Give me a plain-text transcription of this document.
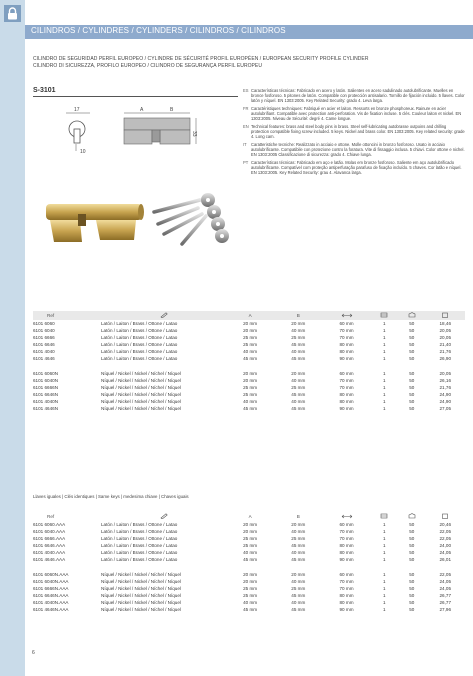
CILINDROS / CYLINDRES / CYLINDERS / CILINDROS / CILINDROS
CILINDRO DE SEGURIDAD PERFIL EUROPEO / CYLINDRE DE SÉCURITÉ PROFIL EUROPÉEN / EUROPEAN SECURITY PROFILE CYLINDER
CILINDRO DI SICUREZZA, PROFILO EUROPEO / CILINDRO DE SEGURANÇA PERFIL EUROPEU
S-3101
17
10
A	B
33

ES Características técnicas: Fabricado en acero y latón. Salientes en acero sadulinado autolubrificante. Muelles en bronce fosforoso. 5 pitones de latón. Compatible con protección antisalario. Tornillo de fijación incluido. 5 llaves. Color latón y níquel. EN 1303:2005. Key Related Security: grado 4. Leva larga.

FR Caractéristiques techniques: Fabriqué en acier et laiton. Ressorts en bronze phosphoreux. Rainure en acier autolubrifiant. Compatible avec protection anti-perforation. Vis de fixation incluse. 5 clés. Couleur laiton et nickel. EN 1303:2005. Niveau de Sécurité: degré 4. Came longue.

EN Technical features: brass and steel body pins in brass. Steel self-lubricating autobrasse outpoins and drilling protection compatible fixing screw included. 5 keys. Nickel and brass color. EN 1303:2005. Key related security: grade 4. Long cam.

IT	Caratteristiche tecniche: Realizzato in acciaio e ottone. Molle ottoncini in bronzo fosforoso. Usato in acciaio autolubrificante. Compatibile con protezione contro la foratura. Vite di fissaggio inclusa. 5 chiavi. Color ottone e nichel. EN 1303:2005 Classificazione di sicurezza: grado 4. Chiave lunga.

PT Características técnicas: Fabricado em aço e latão. Molas em bronze fosforoso. Saliente em aço autolubrificado autolubrificante. Compatível com proteção antiperfuração parafuso de fixação incluído. 5 chaves. Cor latão e níquel. EN 1303:2005. Key Related Security: grau 4. Alavanca larga.

Ref		A	B				
6101 6060	Latón / Laiton / Brass / Ottone / Latao	20 mm	20 mm	60 mm	1	50	18,46
6101 6040	Latón / Laiton / Brass / Ottone / Latao	20 mm	40 mm	70 mm	1	50	20,05
6101 6666	Latón / Laiton / Brass / Ottone / Latao	25 mm	25 mm	70 mm	1	50	20,05
6101 6646	Latón / Laiton / Brass / Ottone / Latao	25 mm	45 mm	80 mm	1	50	21,40
6101 4040	Latón / Laiton / Brass / Ottone / Latao	40 mm	40 mm	80 mm	1	50	21,76
6101 4646	Latón / Laiton / Brass / Ottone / Latao	45 mm	45 mm	90 mm	1	50	26,90

6101 6060N	Níquel / Nickel / Nickel / Níchel / Níquel	20 mm	20 mm	60 mm	1	50	20,05
6101 6040N	Níquel / Nickel / Nickel / Níchel / Níquel	20 mm	40 mm	70 mm	1	50	26,16
6101 6666N	Níquel / Nickel / Nickel / Níchel / Níquel	25 mm	25 mm	70 mm	1	50	21,76
6101 6646N	Níquel / Nickel / Nickel / Níchel / Níquel	25 mm	45 mm	80 mm	1	50	24,90
6101 4040N	Níquel / Nickel / Nickel / Níchel / Níquel	40 mm	40 mm	80 mm	1	50	24,90
6101 4646N	Níquel / Nickel / Nickel / Níchel / Níquel	45 mm	45 mm	90 mm	1	50	27,05
Llaves iguales | Clés identiques | Same keys | medesima chiave | Chaves iguais
Ref		A	B				
6101 6060.AAA	Latón / Laiton / Brass / Ottone / Latao	20 mm	20 mm	60 mm	1	50	20,46
6101 6040.AAA	Latón / Laiton / Brass / Ottone / Latao	20 mm	40 mm	70 mm	1	50	22,05
6101 6666.AAA	Latón / Laiton / Brass / Ottone / Latao	25 mm	25 mm	70 mm	1	50	22,05
6101 6646.AAA	Latón / Laiton / Brass / Ottone / Latao	25 mm	45 mm	80 mm	1	50	24,00
6101 4040.AAA	Latón / Laiton / Brass / Ottone / Latao	40 mm	40 mm	80 mm	1	50	24,05
6101 4646.AAA	Latón / Laiton / Brass / Ottone / Latao	45 mm	45 mm	90 mm	1	50	26,01

6101 6060N.AAA	Níquel / Nickel / Nickel / Níchel / Níquel	20 mm	20 mm	60 mm	1	50	22,05
6101 6040N.AAA	Níquel / Nickel / Nickel / Níchel / Níquel	20 mm	40 mm	70 mm	1	50	24,05
6101 6666N.AAA	Níquel / Nickel / Nickel / Níchel / Níquel	25 mm	25 mm	70 mm	1	50	24,05
6101 6646N.AAA	Níquel / Nickel / Nickel / Níchel / Níquel	25 mm	45 mm	80 mm	1	50	26,77
6101 4040N.AAA	Níquel / Nickel / Nickel / Níchel / Níquel	40 mm	40 mm	80 mm	1	50	26,77
6101 4646N.AAA	Níquel / Nickel / Nickel / Níchel / Níquel	45 mm	45 mm	90 mm	1	50	27,96
6
